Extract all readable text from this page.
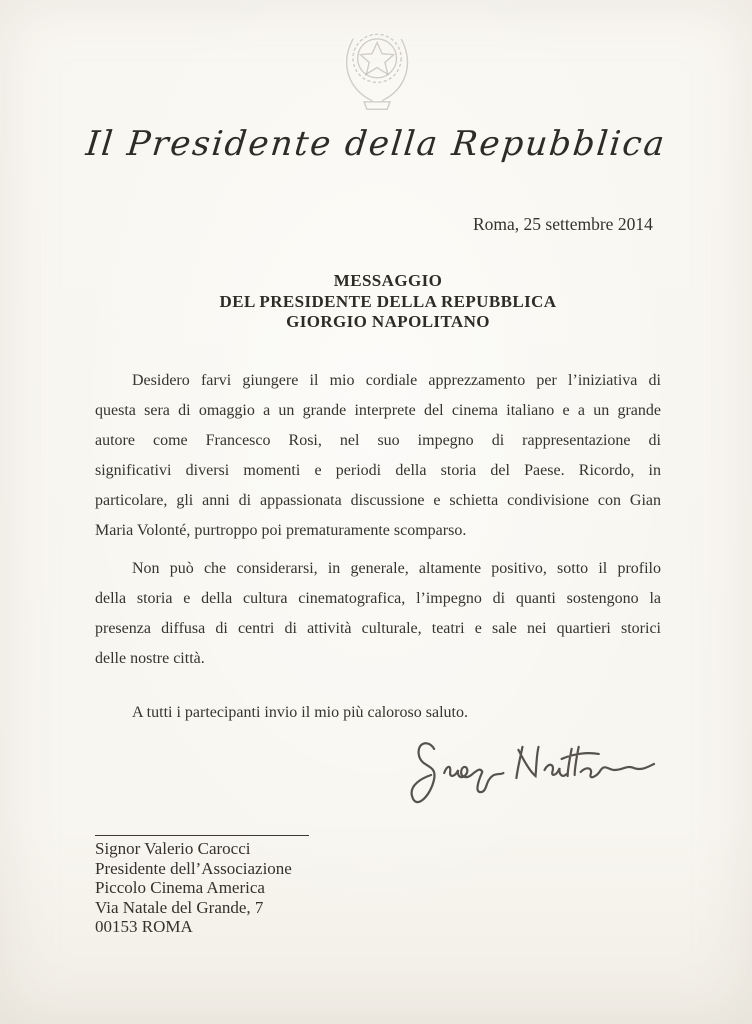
Il Presidente della Repubblica
Roma, 25 settembre 2014
MESSAGGIO
DEL PRESIDENTE DELLA REPUBBLICA
GIORGIO NAPOLITANO
Desidero farvi giungere il mio cordiale apprezzamento per l’iniziativa di
questa sera di omaggio a un grande interprete del cinema italiano e a un grande
autore come Francesco Rosi, nel suo impegno di rappresentazione di
significativi diversi momenti e periodi della storia del Paese. Ricordo, in
particolare, gli anni di appassionata discussione e schietta condivisione con Gian
Maria Volonté, purtroppo poi prematuramente scomparso.
Non può che considerarsi, in generale, altamente positivo, sotto il profilo
della storia e della cultura cinematografica, l’impegno di quanti sostengono la
presenza diffusa di centri di attività culturale, teatri e sale nei quartieri storici
delle nostre città.
A tutti i partecipanti invio il mio più caloroso saluto.
Signor Valerio Carocci
Presidente dell’Associazione
Piccolo Cinema America
Via Natale del Grande, 7
00153 ROMA
